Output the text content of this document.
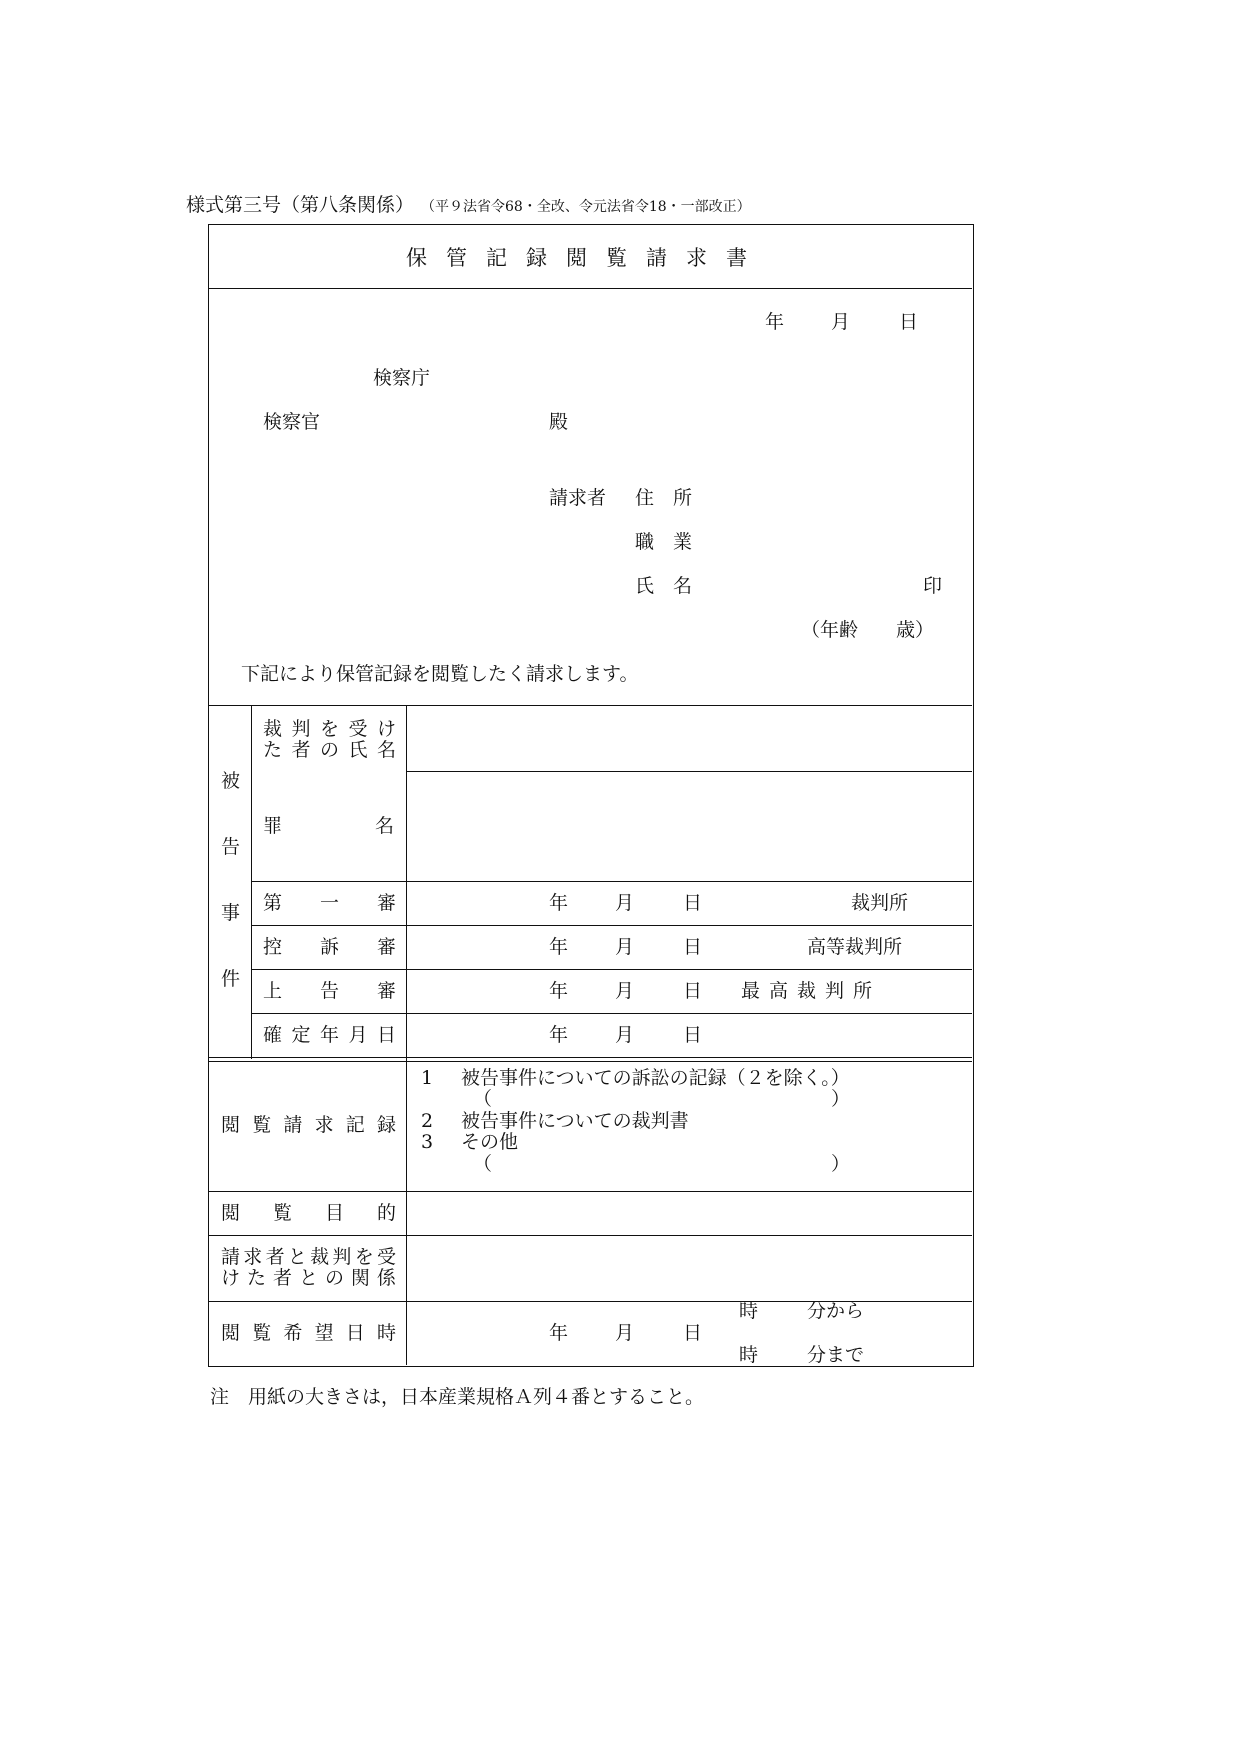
様式第三号（第八条関係） （平９法省令68・全改、令元法省令18・一部改正）
保管記録閲覧請求書
年 月	日
検察庁
検察官	殿
請求者 住　所
職　業
氏　名	印
（年齢　　歳）
下記により保管記録を閲覧したく請求します。
被
告
事
件
裁 判 を 受 け
た 者 の 氏 名
罪	名
第 一 審	年 月	日	裁判所
控 訴 審	年 月	日	高等裁判所
上 告 審	年 月	日 最高裁判所
確 定 年 月 日	年 月	日
閲 覧 請 求 記 録
1 被告事件についての訴訟の記録（２を除く。）
（	）
2 被告事件についての裁判書
3 その他
（	）
閲 覧 目 的
請 求 者 と 裁 判 を 受
け た 者 と の 関 係
閲 覧 希 望 日 時	年 月	日
時	分から
時	分まで
注　用紙の大きさは，日本産業規格Ａ列４番とすること。
